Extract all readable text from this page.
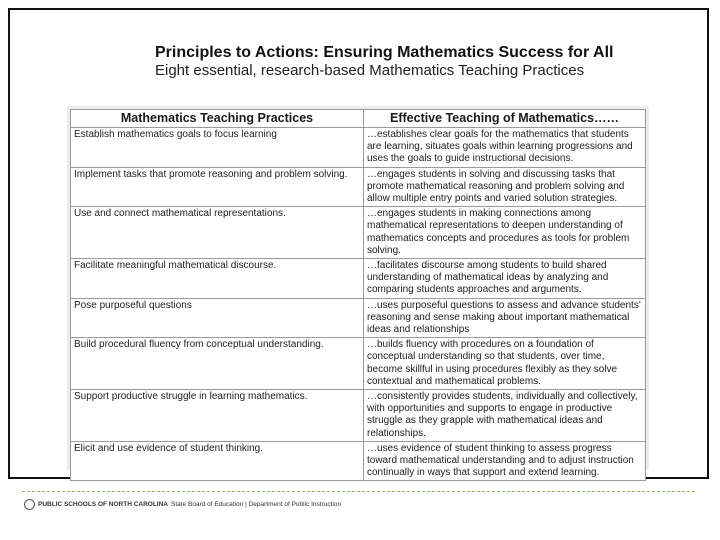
Principles to Actions: Ensuring Mathematics Success for All
Eight essential, research-based Mathematics Teaching Practices
Mathematics Teaching Practices	Effective Teaching of Mathematics……
Establish mathematics goals to focus learning	…establishes clear goals for the mathematics that students are learning, situates goals within learning progressions and uses the goals to guide instructional decisions.
Implement tasks that promote reasoning and problem solving.	…engages students in solving and discussing tasks that promote mathematical reasoning and problem solving and allow multiple entry points and varied solution strategies.
Use and connect mathematical representations.	…engages students in making connections among mathematical representations to deepen understanding of mathematics concepts and procedures as tools for problem solving.
Facilitate meaningful mathematical discourse.	…facilitates discourse among students to build shared understanding of mathematical ideas by analyzing and comparing students approaches and arguments.
Pose purposeful questions	…uses purposeful questions to assess and advance students' reasoning and sense making about important mathematical ideas and relationships
Build procedural fluency from conceptual understanding.	…builds fluency with procedures on a foundation of conceptual understanding so that students, over time, become skillful in using procedures flexibly as they solve contextual and mathematical problems.
Support productive struggle in learning mathematics.	…consistently provides students, individually and collectively, with opportunities and supports to engage in productive struggle as they grapple with mathematical ideas and relationships.
Elicit and use evidence of student thinking.	…uses evidence of student thinking to assess progress toward mathematical understanding and to adjust instruction continually in ways that support and extend learning.
PUBLIC SCHOOLS OF NORTH CAROLINA State Board of Education | Department of Public Instruction
